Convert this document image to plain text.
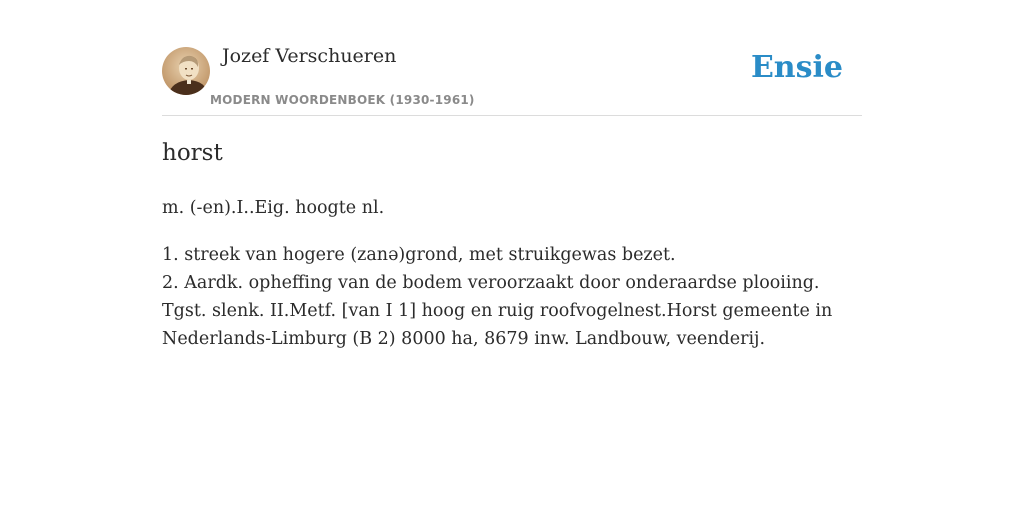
Jozef Verschueren
MODERN WOORDENBOEK (1930-1961)
Ensie
horst

m. (-en).I..Eig. hoogte nl.

1. streek van hogere (zanə)grond, met struikgewas bezet.
2. Aardk. opheffing van de bodem veroorzaakt door onderaardse plooiing. Tgst. slenk. II.Metf. [van I 1] hoog en ruig roofvogelnest.Horst gemeente in Nederlands-Limburg (B 2) 8000 ha, 8679 inw. Landbouw, veenderij.
